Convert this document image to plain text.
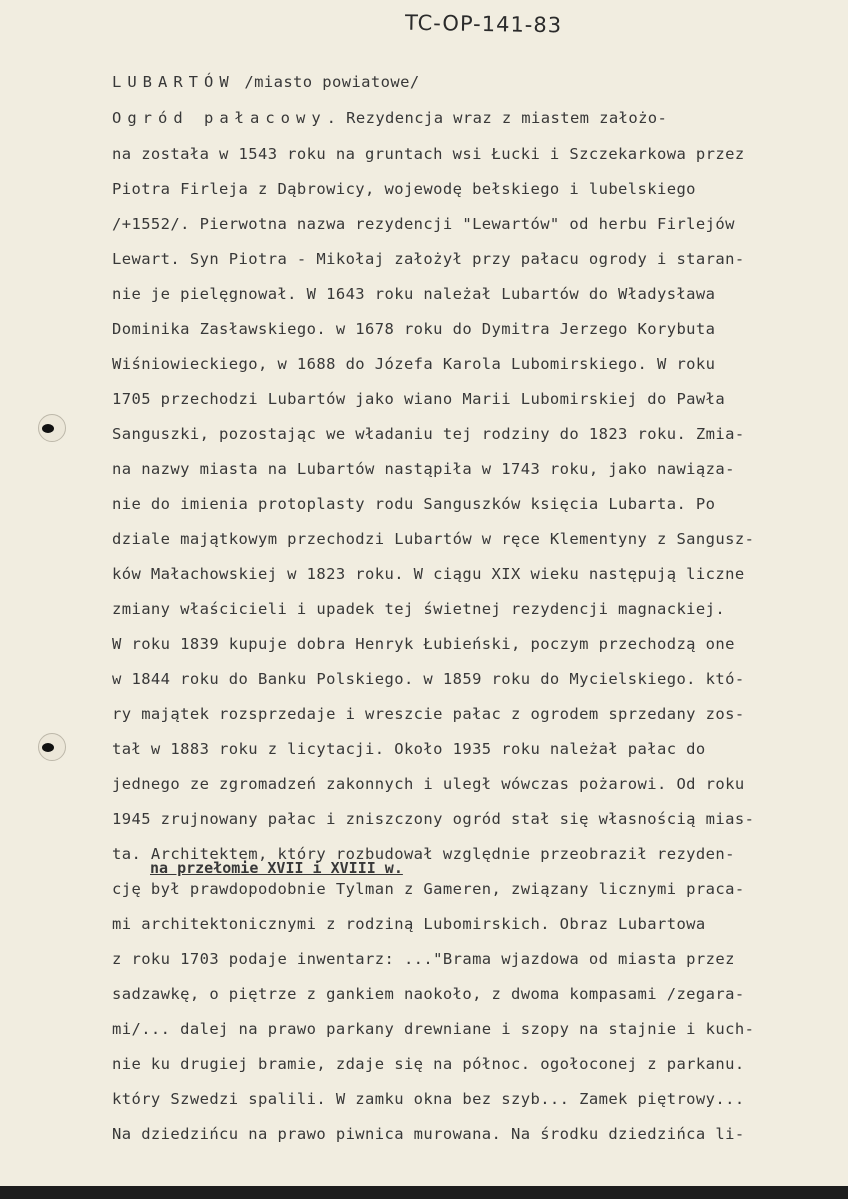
TC-OP-141-83

LUBARTÓW /miasto powiatowe/

Ogród pałacowy. Rezydencja wraz z miastem założo-

na została w 1543 roku na gruntach wsi Łucki i Szczekarkowa przez
Piotra Firleja z Dąbrowicy, wojewodę bełskiego i lubelskiego
/+1552/. Pierwotna nazwa rezydencji "Lewartów" od herbu Firlejów
Lewart. Syn Piotra - Mikołaj założył przy pałacu ogrody i staran-
nie je pielęgnował. W 1643 roku należał Lubartów do Władysława
Dominika Zasławskiego. w 1678 roku do Dymitra Jerzego Korybuta
Wiśniowieckiego, w 1688 do Józefa Karola Lubomirskiego. W roku
1705 przechodzi Lubartów jako wiano Marii Lubomirskiej do Pawła
Sanguszki, pozostając we władaniu tej rodziny do 1823 roku. Zmia-
na nazwy miasta na Lubartów nastąpiła w 1743 roku, jako nawiąza-
nie do imienia protoplasty rodu Sanguszków księcia Lubarta. Po
dziale majątkowym przechodzi Lubartów w ręce Klementyny z Sangusz-
ków Małachowskiej w 1823 roku. W ciągu XIX wieku następują liczne
zmiany właścicieli i upadek tej świetnej rezydencji magnackiej.
W roku 1839 kupuje dobra Henryk Łubieński, poczym przechodzą one
w 1844 roku do Banku Polskiego. w 1859 roku do Mycielskiego. któ-
ry majątek rozsprzedaje i wreszcie pałac z ogrodem sprzedany zos-
tał w 1883 roku z licytacji. Około 1935 roku należał pałac do
jednego ze zgromadzeń zakonnych i uległ wówczas pożarowi. Od roku
1945 zrujnowany pałac i zniszczony ogród stał się własnością mias-
ta. Architektem, który rozbudował względnie przeobraził rezyden-
cję był prawdopodobnie Tylman z Gameren, związany licznymi praca-
mi architektonicznymi z rodziną Lubomirskich. Obraz Lubartowa
z roku 1703 podaje inwentarz: ..."Brama wjazdowa od miasta przez
sadzawkę, o piętrze z gankiem naokoło, z dwoma kompasami /zegara-
mi/... dalej na prawo parkany drewniane i szopy na stajnie i kuch-
nie ku drugiej bramie, zdaje się na północ. ogołoconej z parkanu.
który Szwedzi spalili. W zamku okna bez szyb... Zamek piętrowy...
Na dziedzińcu na prawo piwnica murowana. Na środku dziedzińca li-
na przełomie XVII i XVIII w.
